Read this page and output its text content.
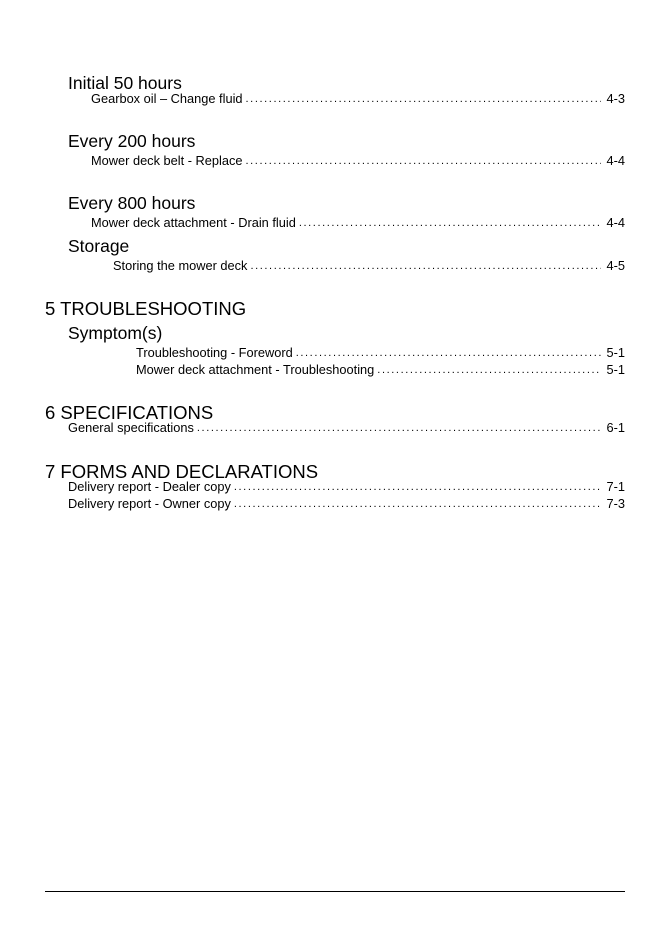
Initial 50 hours
Gearbox oil – Change fluid .....	4-3
Every 200 hours
Mower deck belt - Replace .....	4-4
Every 800 hours
Mower deck attachment - Drain fluid .....	4-4
Storage
Storing the mower deck .....	4-5
5 TROUBLESHOOTING
Symptom(s)
Troubleshooting - Foreword .....	5-1
Mower deck attachment - Troubleshooting .....	5-1
6 SPECIFICATIONS
General specifications .....	6-1
7 FORMS AND DECLARATIONS
Delivery report - Dealer copy .....	7-1
Delivery report - Owner copy .....	7-3
